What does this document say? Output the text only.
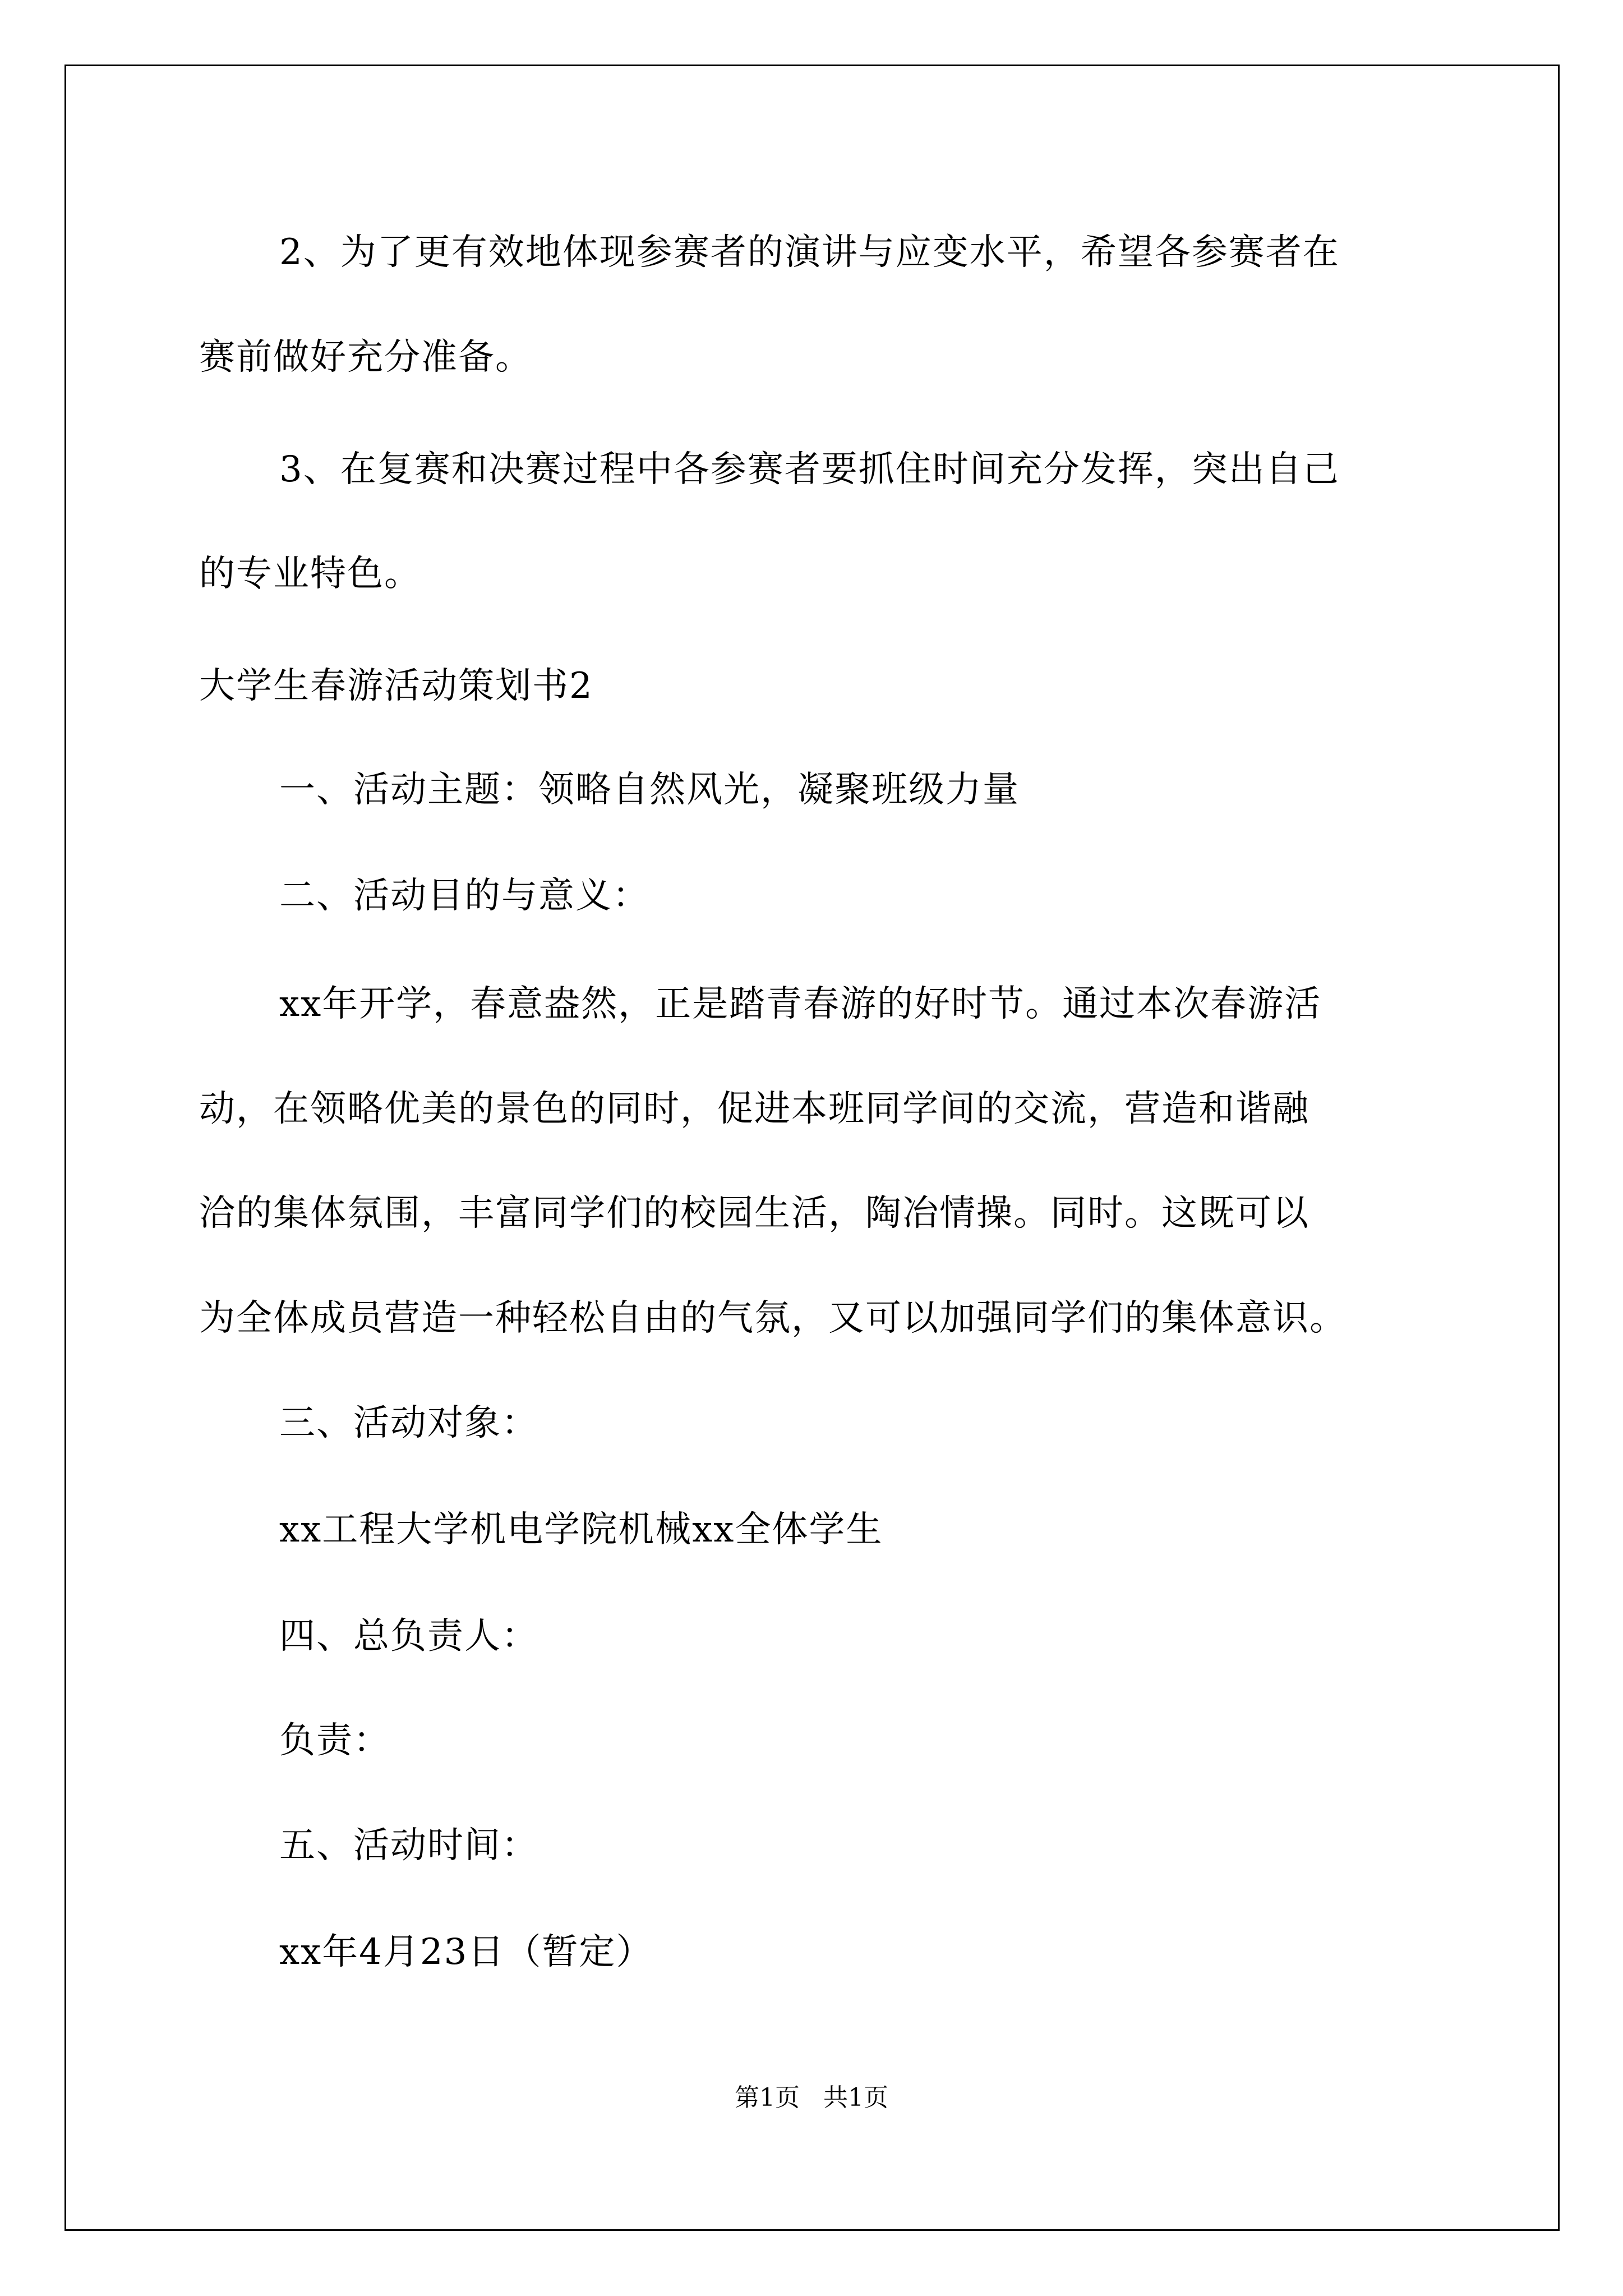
2、为了更有效地体现参赛者的演讲与应变水平，希望各参赛者在
赛前做好充分准备。
3、在复赛和决赛过程中各参赛者要抓住时间充分发挥，突出自己
的专业特色。
大学生春游活动策划书2
一、活动主题：领略自然风光，凝聚班级力量
二、活动目的与意义：
xx年开学，春意盎然，正是踏青春游的好时节。通过本次春游活
动，在领略优美的景色的同时，促进本班同学间的交流，营造和谐融
洽的集体氛围，丰富同学们的校园生活，陶冶情操。同时。这既可以
为全体成员营造一种轻松自由的气氛，又可以加强同学们的集体意识。
三、活动对象：
xx工程大学机电学院机械xx全体学生
四、总负责人：
负责：
五、活动时间：
xx年4月23日（暂定）
第1页   共1页
